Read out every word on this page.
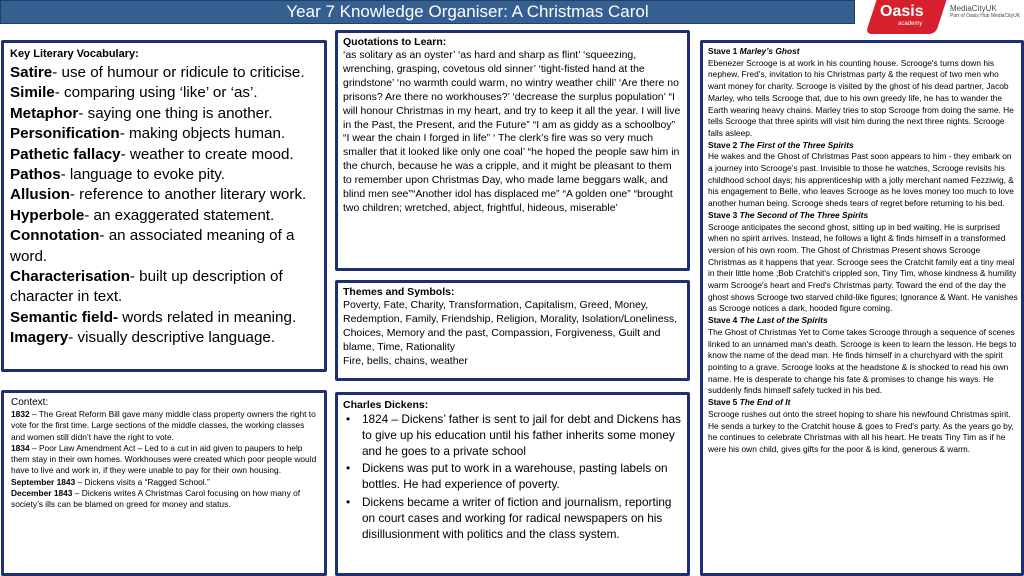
Year 7 Knowledge Organiser: A Christmas Carol	Oasis
academy
MediaCityUK
Part of Oasis Hub MediaCityUK
Key Literary Vocabulary:
Satire- use of humour or ridicule to criticise.
Simile- comparing using ‘like’ or ‘as’.
Metaphor- saying one thing is another.
Personification- making objects human.
Pathetic fallacy- weather to create mood.
Pathos- language to evoke pity.
Allusion- reference to another literary work.
Hyperbole- an exaggerated statement.
Connotation- an associated meaning of a word.
Characterisation- built up description of character in text.
Semantic field- words related in meaning.
Imagery- visually descriptive language.
Quotations to Learn:
‘as solitary as an oyster’ ‘as hard and sharp as flint’ ‘squeezing, wrenching, grasping, covetous old sinner’ ‘tight-fisted hand at the grindstone’ ‘no warmth could warm, no wintry weather chill’ ‘Are there no prisons? Are there no workhouses?’ ‘decrease the surplus population’ “I will honour Christmas in my heart, and try to keep it all the year. I will live in the Past, the Present, and the Future” “I am as giddy as a schoolboy” “I wear the chain I forged in life” ‘ The clerk’s fire was so very much smaller that it looked like only one coal’ “he hoped the people saw him in the church, because he was a cripple, and it might be pleasant to them to remember upon Christmas Day, who made lame beggars walk, and blind men see”“Another idol has displaced me” “A golden one” “brought two children; wretched, abject, frightful, hideous, miserable’
Themes and Symbols:
Poverty, Fate, Charity, Transformation, Capitalism, Greed, Money, Redemption, Family, Friendship, Religion, Morality, Isolation/Loneliness, Choices, Memory and the past, Compassion, Forgiveness, Guilt and blame, Time, Rationality
Fire, bells, chains, weather
Context:
1832 – The Great Reform Bill gave many middle class property owners the right to vote for the first time. Large sections of the middle classes, the working classes and women still didn’t have the right to vote.
1834 – Poor Law Amendment Act – Led to a cut in aid given to paupers to help them stay in their own homes. Workhouses were created which poor people would have to live and work in, if they were unable to pay for their own housing.
September 1843 – Dickens visits a “Ragged School.”
December 1843 – Dickens writes A Christmas Carol focusing on how many of society’s ills can be blamed on greed for money and status.
Charles Dickens:
• 1824 – Dickens’ father is sent to jail for debt and Dickens has to give up his education until his father inherits some money and he goes to a private school
• Dickens was put to work in a warehouse, pasting labels on bottles. He had experience of poverty.
• Dickens became a writer of fiction and journalism, reporting on court cases and working for radical newspapers on his disillusionment with politics and the class system.
Stave 1 Marley’s Ghost
Ebenezer Scrooge is at work in his counting house. Scrooge's turns down his nephew, Fred’s, invitation to his Christmas party & the request of two men who want money for charity. Scrooge is visited by the ghost of his dead partner, Jacob Marley, who tells Scrooge that, due to his own greedy life, he has to wander the Earth wearing heavy chains. Marley tries to stop Scrooge from doing the same. He tells Scrooge that three spirits will visit him during the next three nights. Scrooge falls asleep.
Stave 2 The First of the Three Spirits
He wakes and the Ghost of Christmas Past soon appears to him - they embark on a journey into Scrooge’s past. Invisible to those he watches, Scrooge revisits his childhood school days; his apprenticeship with a jolly merchant named Fezziwig, & his engagement to Belle, who leaves Scrooge as he loves money too much to love another human being. Scrooge sheds tears of regret before returning to his bed.
Stave 3 The Second of The Three Spirits
Scrooge anticipates the second ghost, sitting up in bed waiting. He is surprised when no spirit arrives. Instead, he follows a light & finds himself in a transformed version of his own room. The Ghost of Christmas Present shows Scrooge Christmas as it happens that year. Scrooge sees the Cratchit family eat a tiny meal in their little home ;Bob Cratchit's crippled son, Tiny Tim, whose kindness & humility warm Scrooge's heart and Fred's Christmas party. Toward the end of the day the ghost shows Scrooge two starved child-like figures; Ignorance & Want. He vanishes as Scrooge notices a dark, hooded figure coming.
Stave 4 The Last of the Spirits
The Ghost of Christmas Yet to Come takes Scrooge through a sequence of scenes linked to an unnamed man's death. Scrooge is keen to learn the lesson. He begs to know the name of the dead man. He finds himself in a churchyard with the spirit pointing to a grave. Scrooge looks at the headstone & is shocked to read his own name. He is desperate to change his fate & promises to change his ways. He suddenly finds himself safely tucked in his bed.
Stave 5 The End of It
Scrooge rushes out onto the street hoping to share his newfound Christmas spirit. He sends a turkey to the Cratchit house & goes to Fred's party. As the years go by, he continues to celebrate Christmas with all his heart. He treats Tiny Tim as if he were his own child, gives gifts for the poor & is kind, generous & warm.
